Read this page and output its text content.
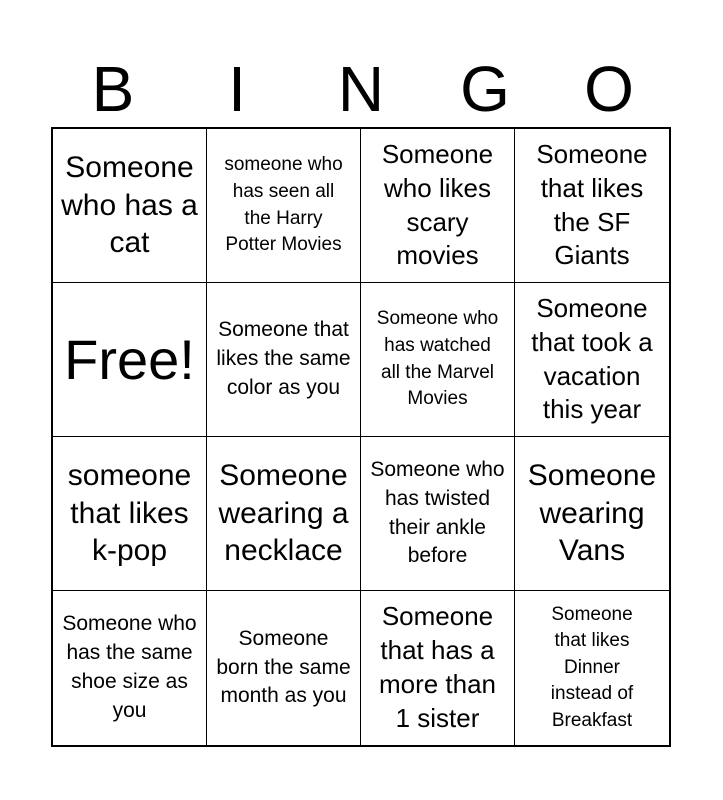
B	I	N	G	O
Someone who has a cat
someone who has seen all the Harry Potter Movies
Someone who likes scary movies
Someone that likes the SF Giants
Free! Someone that likes the same color as you
Someone who has watched all the Marvel Movies
Someone that took a vacation this year
someone that likes k-pop
Someone wearing a necklace
Someone who has twisted their ankle before
Someone wearing Vans
Someone who has the same shoe size as you
Someone born the same month as you
Someone that has a more than 1 sister
Someone that likes Dinner instead of Breakfast
